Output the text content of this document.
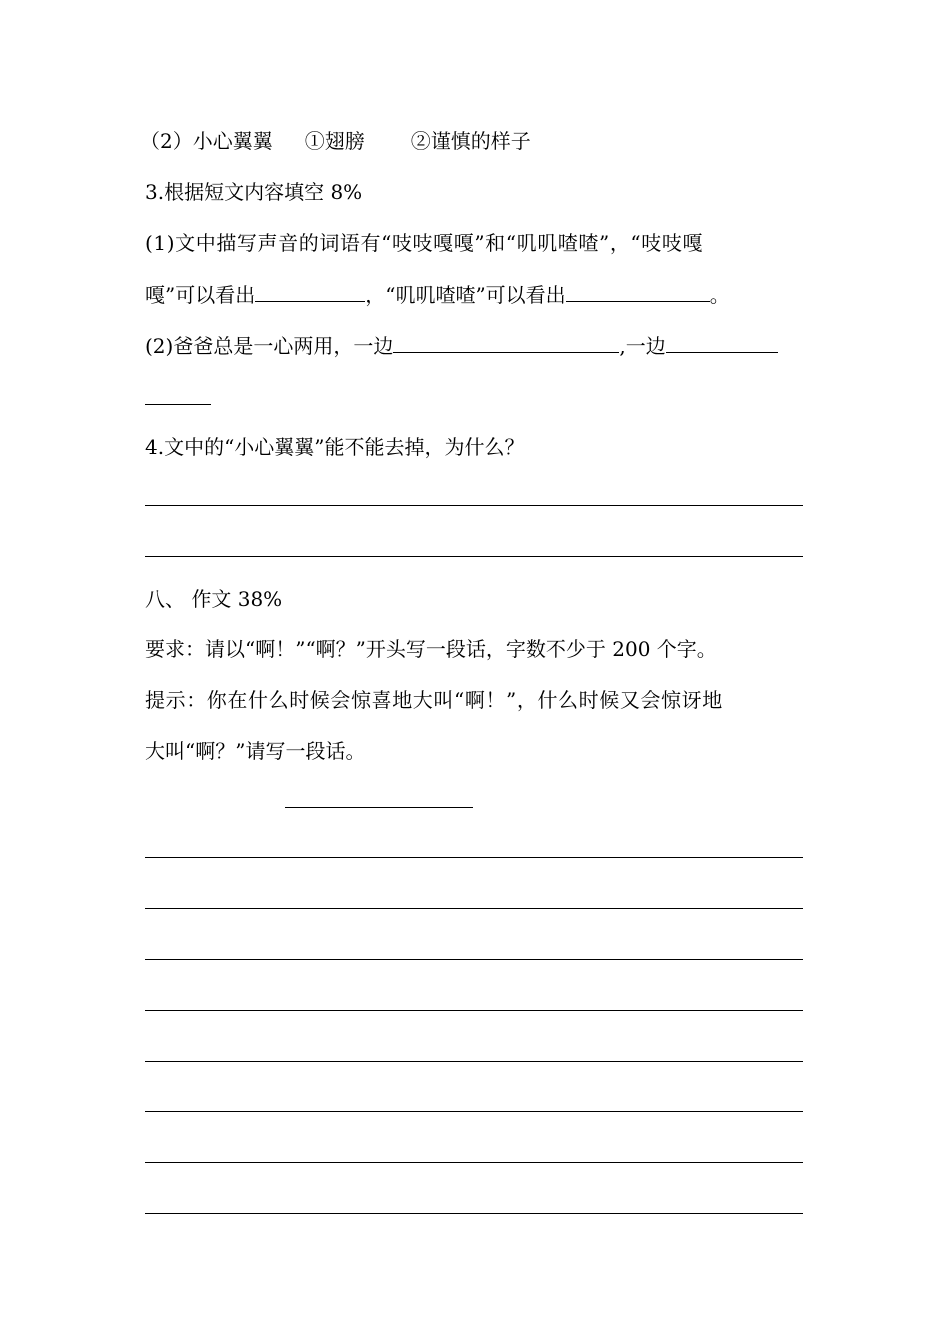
（2）小心翼翼 ①翅膀 ②谨慎的样子
3.根据短文内容填空 8%
(1)文中描写声音的词语有“吱吱嘎嘎”和“叽叽喳喳”，“吱吱嘎
嘎”可以看出	，“叽叽喳喳”可以看出	。
(2)爸爸总是一心两用，一边	,一边
4.文中的“小心翼翼”能不能去掉，为什么？
八、 作文 38%
要求：请以“啊！”“啊？”开头写一段话，字数不少于 200 个字。
提示：你在什么时候会惊喜地大叫“啊！”，什么时候又会惊讶地
大叫“啊？”请写一段话。
